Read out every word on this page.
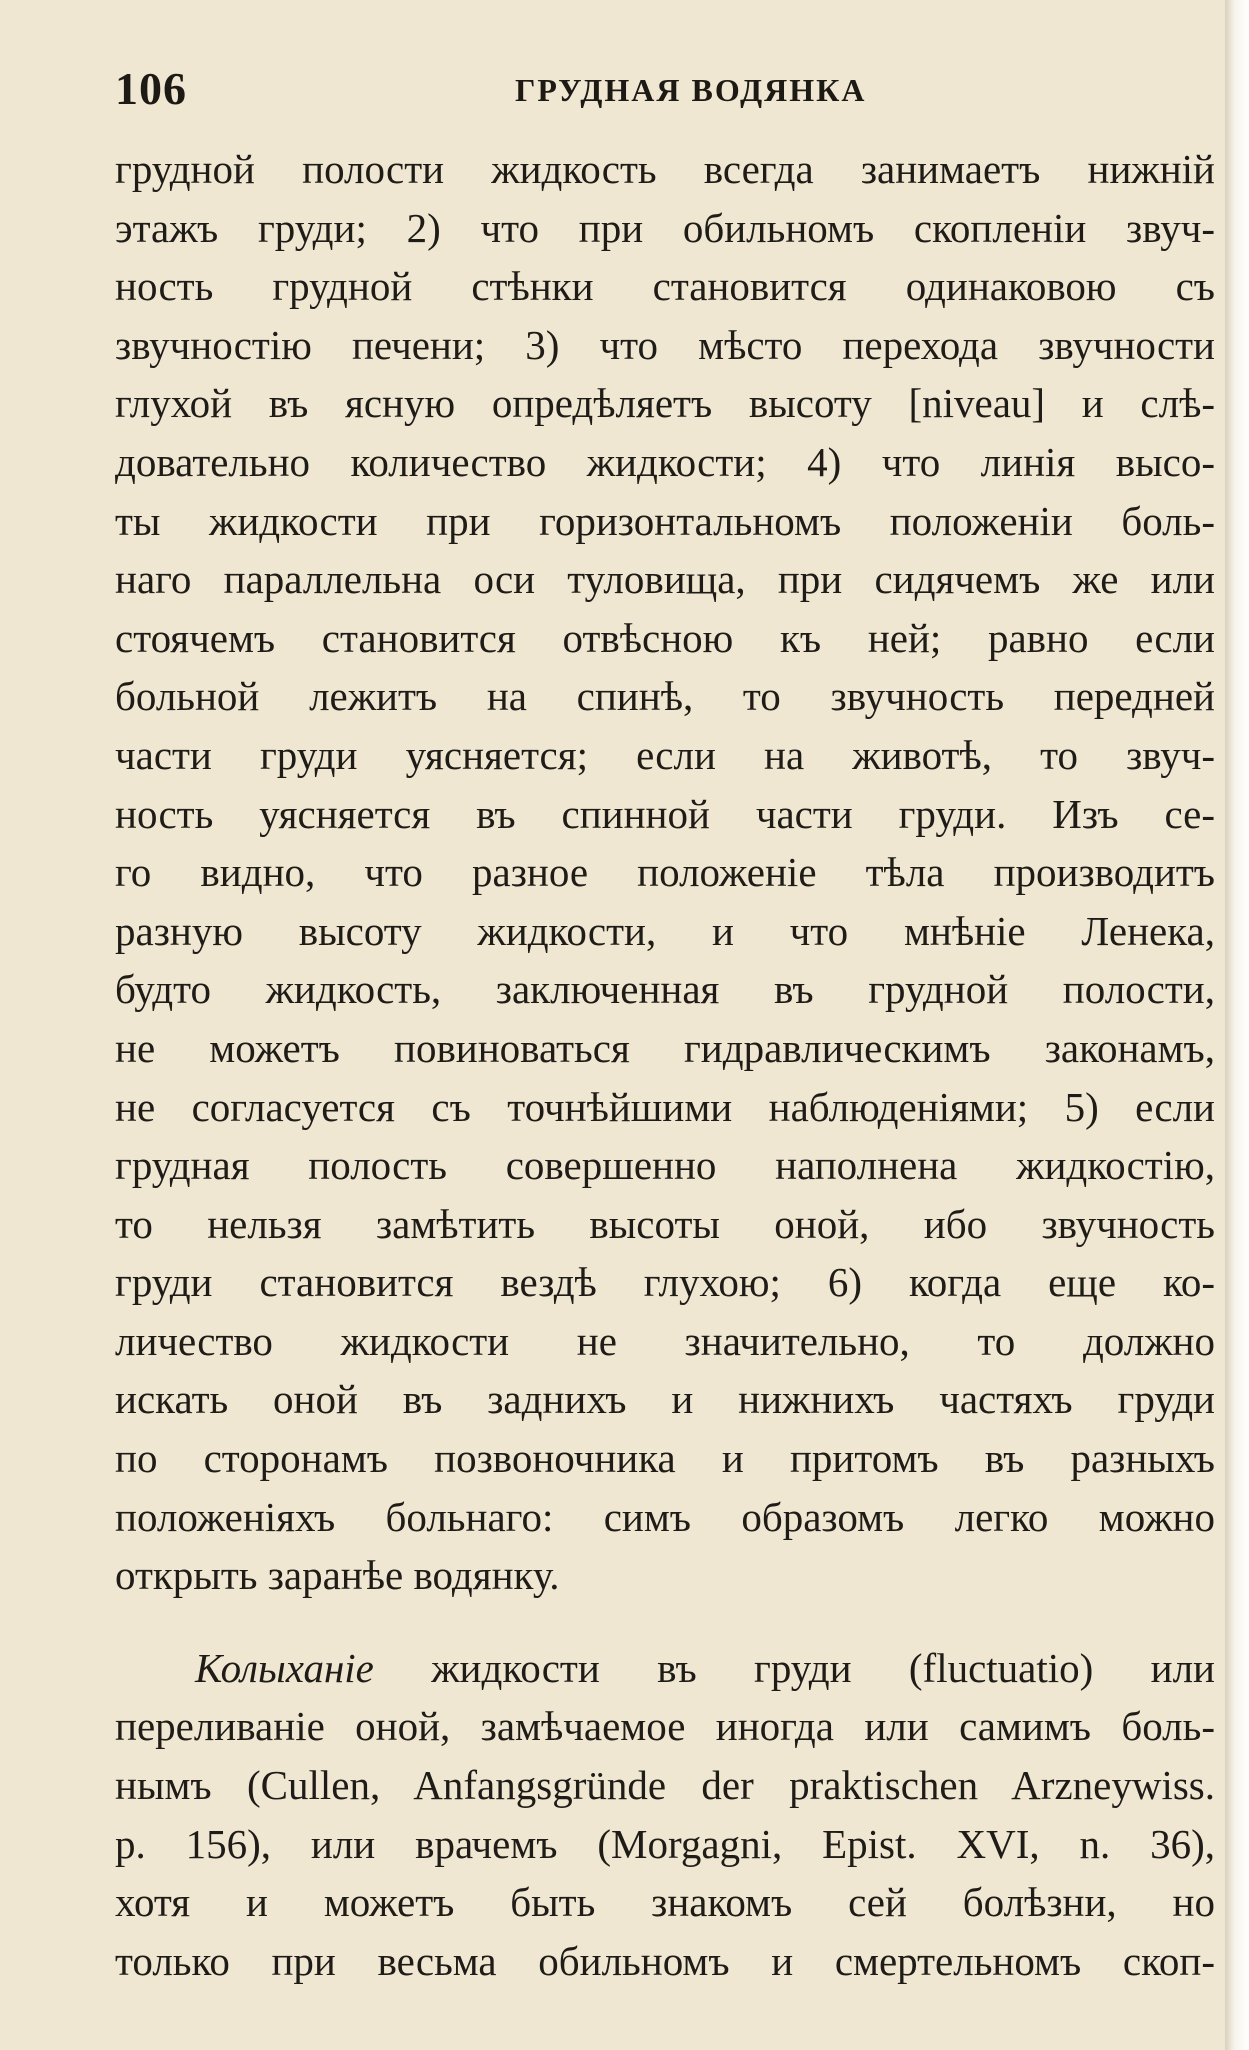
106	ГРУДНАЯ ВОДЯНКА
грудной полости жидкость всегда занимаетъ нижній
этажъ груди; 2) что при обильномъ скопленіи звуч-
ность грудной стѣнки становится одинаковою съ
звучностію печени; 3) что мѣсто перехода звучности
глухой въ ясную опредѣляетъ высоту [niveau] и слѣ-
довательно количество жидкости; 4) что линія высо-
ты жидкости при горизонтальномъ положеніи боль-
наго параллельна оси туловища, при сидячемъ же или
стоячемъ становится отвѣсною къ ней; равно если
больной лежитъ на спинѣ, то звучность передней
части груди уясняется; если на животѣ, то звуч-
ность уясняется въ спинной части груди. Изъ се-
го видно, что разное положеніе тѣла производитъ
разную высоту жидкости, и что мнѣніе Ленека,
будто жидкость, заключенная въ грудной полости,
не можетъ повиноваться гидравлическимъ законамъ,
не согласуется съ точнѣйшими наблюденіями; 5) если
грудная полость совершенно наполнена жидкостію,
то нельзя замѣтить высоты оной, ибо звучность
груди становится вездѣ глухою; 6) когда еще ко-
личество жидкости не значительно, то должно
искать оной въ заднихъ и нижнихъ частяхъ груди
по сторонамъ позвоночника и притомъ въ разныхъ
положеніяхъ больнаго: симъ образомъ легко можно
открыть заранѣе водянку.
Колыханіе жидкости въ груди (fluctuatio) или
переливаніе оной, замѣчаемое иногда или самимъ боль-
нымъ (Cullen, Anfangsgründe der praktischen Arzneywiss.
p. 156), или врачемъ (Morgagni, Epist. XVI, n. 36),
хотя и можетъ быть знакомъ сей болѣзни, но
только при весьма обильномъ и смертельномъ скоп-
